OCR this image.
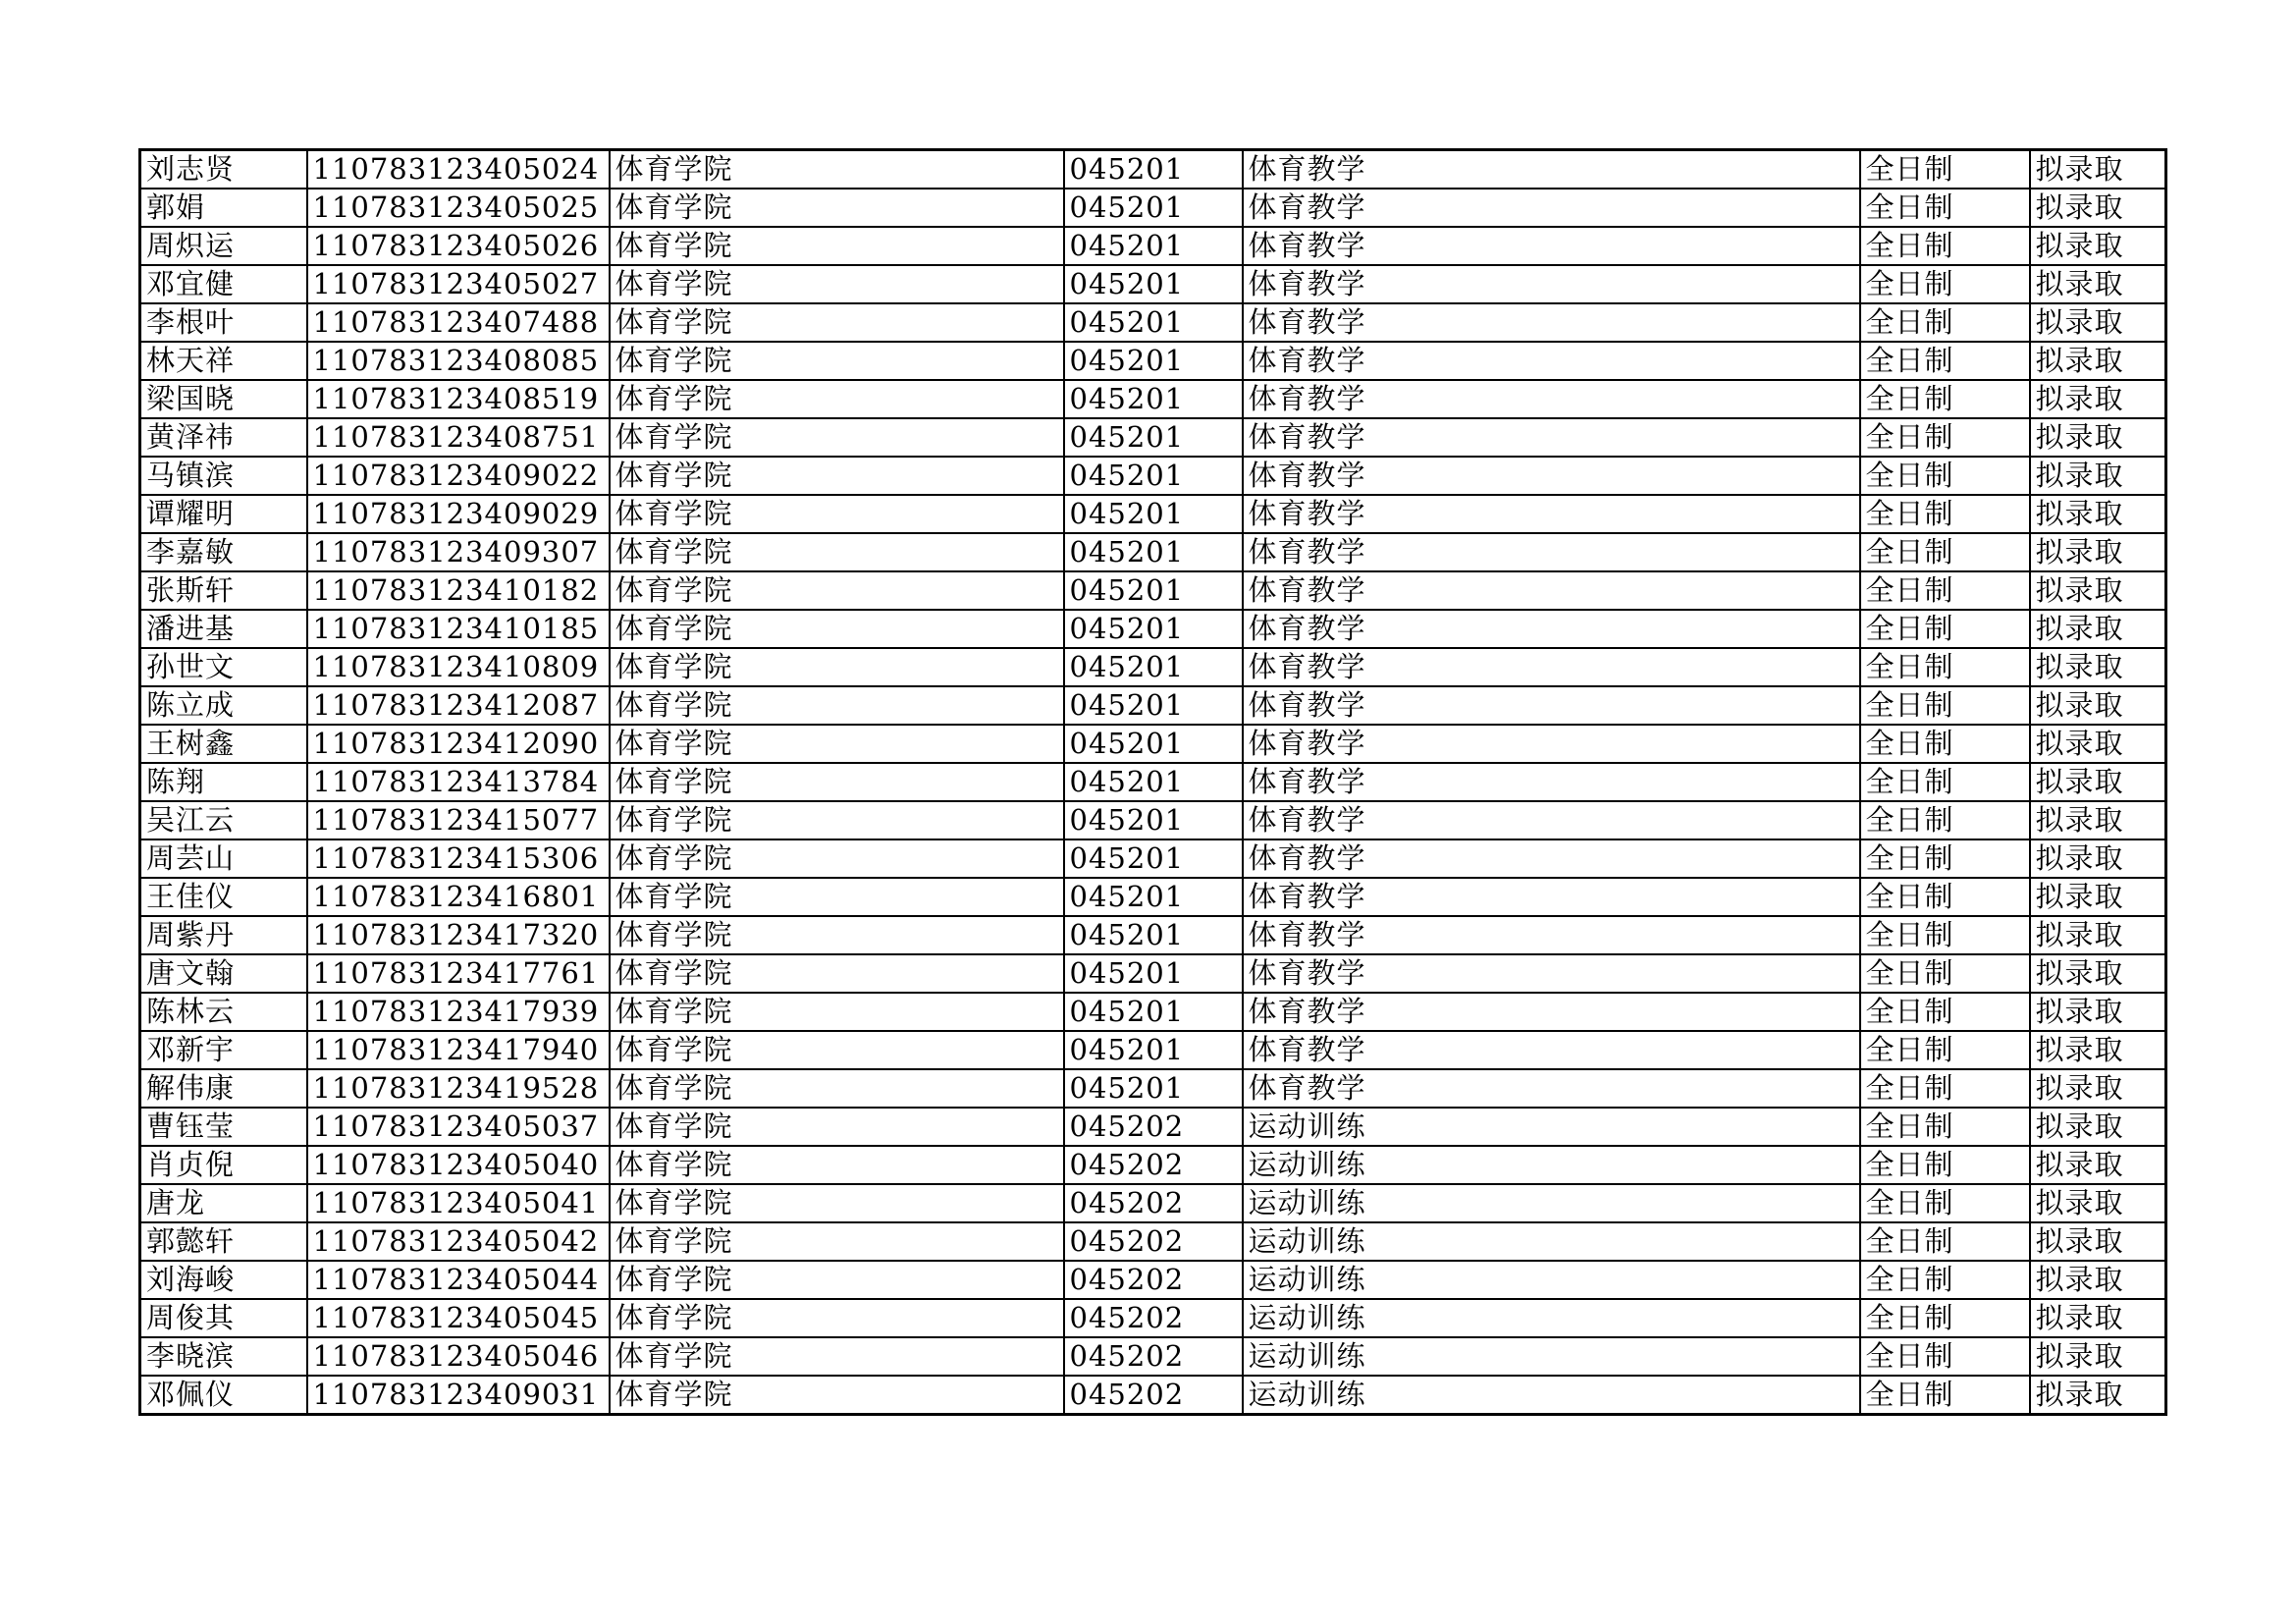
刘志贤	110783123405024	体育学院	045201	体育教学	全日制	拟录取
郭娟	110783123405025	体育学院	045201	体育教学	全日制	拟录取
周炽运	110783123405026	体育学院	045201	体育教学	全日制	拟录取
邓宜健	110783123405027	体育学院	045201	体育教学	全日制	拟录取
李根叶	110783123407488	体育学院	045201	体育教学	全日制	拟录取
林天祥	110783123408085	体育学院	045201	体育教学	全日制	拟录取
梁国晓	110783123408519	体育学院	045201	体育教学	全日制	拟录取
黄泽祎	110783123408751	体育学院	045201	体育教学	全日制	拟录取
马镇滨	110783123409022	体育学院	045201	体育教学	全日制	拟录取
谭耀明	110783123409029	体育学院	045201	体育教学	全日制	拟录取
李嘉敏	110783123409307	体育学院	045201	体育教学	全日制	拟录取
张斯轩	110783123410182	体育学院	045201	体育教学	全日制	拟录取
潘进基	110783123410185	体育学院	045201	体育教学	全日制	拟录取
孙世文	110783123410809	体育学院	045201	体育教学	全日制	拟录取
陈立成	110783123412087	体育学院	045201	体育教学	全日制	拟录取
王树鑫	110783123412090	体育学院	045201	体育教学	全日制	拟录取
陈翔	110783123413784	体育学院	045201	体育教学	全日制	拟录取
吴江云	110783123415077	体育学院	045201	体育教学	全日制	拟录取
周芸山	110783123415306	体育学院	045201	体育教学	全日制	拟录取
王佳仪	110783123416801	体育学院	045201	体育教学	全日制	拟录取
周紫丹	110783123417320	体育学院	045201	体育教学	全日制	拟录取
唐文翰	110783123417761	体育学院	045201	体育教学	全日制	拟录取
陈林云	110783123417939	体育学院	045201	体育教学	全日制	拟录取
邓新宇	110783123417940	体育学院	045201	体育教学	全日制	拟录取
解伟康	110783123419528	体育学院	045201	体育教学	全日制	拟录取
曹钰莹	110783123405037	体育学院	045202	运动训练	全日制	拟录取
肖贞倪	110783123405040	体育学院	045202	运动训练	全日制	拟录取
唐龙	110783123405041	体育学院	045202	运动训练	全日制	拟录取
郭懿轩	110783123405042	体育学院	045202	运动训练	全日制	拟录取
刘海峻	110783123405044	体育学院	045202	运动训练	全日制	拟录取
周俊其	110783123405045	体育学院	045202	运动训练	全日制	拟录取
李晓滨	110783123405046	体育学院	045202	运动训练	全日制	拟录取
邓佩仪	110783123409031	体育学院	045202	运动训练	全日制	拟录取
